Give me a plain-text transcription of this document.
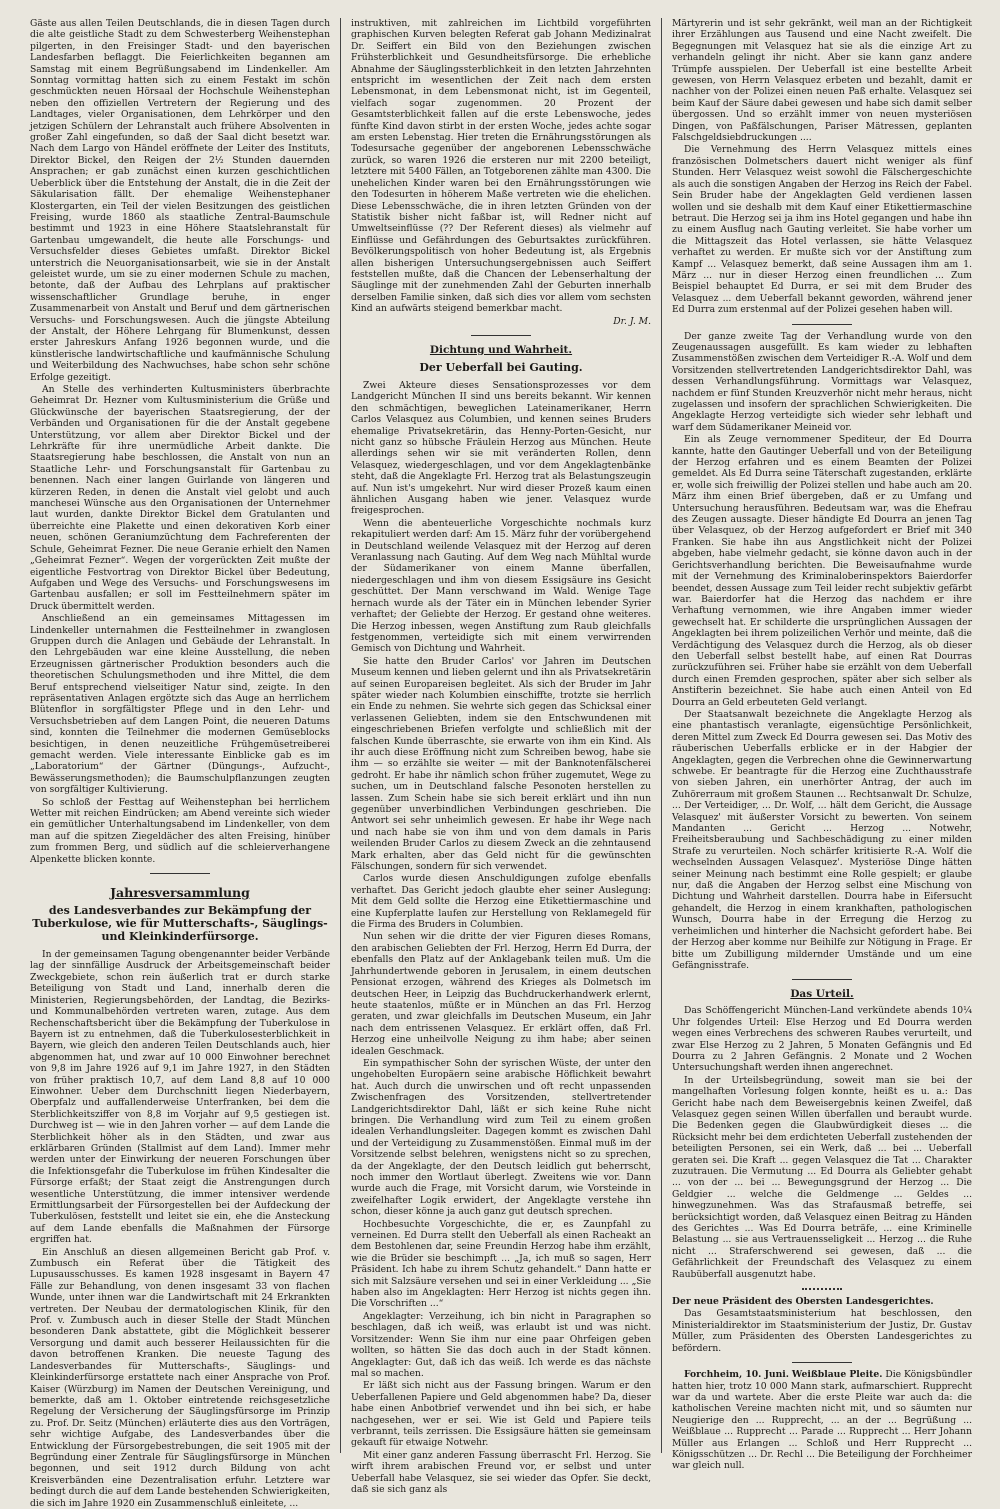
Gäste aus allen Teilen Deutschlands, die in diesen Tagen durch die alte geistliche Stadt zu dem Schwesterberg Weihenstephan pilgerten, in den Freisinger Stadt- und den bayerischen Landesfarben beflaggt. Die Feierlichkeiten begannen am Samstag mit einem Begrüßungsabend im Lindenkeller. Am Sonntag vormittag hatten sich zu einem Festakt im schön geschmückten neuen Hörsaal der Hochschule Weihenstephan neben den offiziellen Vertretern der Regierung und des Landtages, vieler Organisationen, dem Lehrkörper und den jetzigen Schülern der Lehranstalt auch frühere Absolventen in großer Zahl eingefunden, so daß der Saal dicht besetzt war. Nach dem Largo von Händel eröffnete der Leiter des Instituts, Direktor Bickel, den Reigen der 2½ Stunden dauernden Ansprachen; er gab zunächst einen kurzen geschichtlichen Ueberblick über die Entstehung der Anstalt, die in die Zeit der Säkularisation fällt. Der ehemalige Weihenstephaner Klostergarten, ein Teil der vielen Besitzungen des geistlichen Freising, wurde 1860 als staatliche Zentral-Baumschule bestimmt und 1923 in eine Höhere Staatslehranstalt für Gartenbau umgewandelt, die heute alle Forschungs- und Versuchsfelder dieses Gebietes umfaßt. Direktor Bickel unterstrich die Neuorganisationsarbeit, wie sie in der Anstalt geleistet wurde, um sie zu einer modernen Schule zu machen, betonte, daß der Aufbau des Lehrplans auf praktischer wissenschaftlicher Grundlage beruhe, in enger Zusammenarbeit von Anstalt und Beruf und dem gärtnerischen Versuchs- und Forschungswesen. Auch die jüngste Abteilung der Anstalt, der Höhere Lehrgang für Blumenkunst, dessen erster Jahreskurs Anfang 1926 begonnen wurde, und die künstlerische landwirtschaftliche und kaufmännische Schulung und Weiterbildung des Nachwuchses, habe schon sehr schöne Erfolge gezeitigt.

An Stelle des verhinderten Kultusministers überbrachte Geheimrat Dr. Hezner vom Kultusministerium die Grüße und Glückwünsche der bayerischen Staatsregierung, der der Verbänden und Organisationen für die der Anstalt gegebene Unterstützung, vor allem aber Direktor Bickel und der Lehrkräfte für ihre unermüdliche Arbeit dankte. Die Staatsregierung habe beschlossen, die Anstalt von nun an Staatliche Lehr- und Forschungsanstalt für Gartenbau zu benennen. Nach einer langen Guirlande von längeren und kürzeren Reden, in denen die Anstalt viel gelobt und auch manchesei Wünsche aus den Organisationen der Unternehmer laut wurden, dankte Direktor Bickel dem Gratulanten und überreichte eine Plakette und einen dekorativen Korb einer neuen, schönen Geraniumzüchtung dem Fachreferenten der Schule, Geheimrat Fezner. Die neue Geranie erhielt den Namen „Geheimrat Fezner“. Wegen der vorgerückten Zeit mußte der eigentliche Festvortrag von Direktor Bickel über Bedeutung, Aufgaben und Wege des Versuchs- und Forschungswesens im Gartenbau ausfallen; er soll im Festteilnehmern später im Druck übermittelt werden.

Anschließend an ein gemeinsames Mittagessen im Lindenkeller unternahmen die Festteilnehmer in zwanglosen Gruppen durch die Anlagen und Gebäude der Lehranstalt. In den Lehrgebäuden war eine kleine Ausstellung, die neben Erzeugnissen gärtnerischer Produktion besonders auch die theoretischen Schulungsmethoden und ihre Mittel, die dem Beruf entsprechend vielseitiger Natur sind, zeigte. In den repräsentativen Anlagen ergötzte sich das Auge an herrlichem Blütenflor in sorgfältigster Pflege und in den Lehr- und Versuchsbetrieben auf dem Langen Point, die neueren Datums sind, konnten die Teilnehmer die modernen Gemüseblocks besichtigen, in denen neuzeitliche Frühgemüsetreiberei gemacht werden. Viele interessante Einblicke gab es im „Laboratorium“ der Gärtner (Düngungs-, Aufzucht-, Bewässerungsmethoden); die Baumschulpflanzungen zeugten von sorgfältiger Kultivierung.

So schloß der Festtag auf Weihenstephan bei herrlichem Wetter mit reichen Eindrücken; am Abend vereinte sich wieder ein gemütlicher Unterhaltungsabend im Lindenkeller, von dem man auf die spitzen Ziegeldächer des alten Freising, hinüber zum frommen Berg, und südlich auf die schleierverhangene Alpenkette blicken konnte.

Jahresversammlung
des Landesverbandes zur Bekämpfung der Tuberkulose, wie für Mutterschafts-, Säuglings- und Kleinkinderfürsorge.

In der gemeinsamen Tagung obengenannter beider Verbände lag der sinnfällige Ausdruck der Arbeitsgemeinschaft beider Zweckgebiete, schon rein äußerlich trat er durch starke Beteiligung von Stadt und Land, innerhalb deren die Ministerien, Regierungsbehörden, der Landtag, die Bezirks- und Kommunalbehörden vertreten waren, zutage. Aus dem Rechenschaftsbericht über die Bekämpfung der Tuberkulose in Bayern ist zu entnehmen, daß die Tuberkulosesterblichkeit in Bayern, wie gleich den anderen Teilen Deutschlands auch, hier abgenommen hat, und zwar auf 10 000 Einwohner berechnet von 9,8 im Jahre 1926 auf 9,1 im Jahre 1927, in den Städten von früher praktisch 10,7, auf dem Land 8,8 auf 10 000 Einwohner. Ueber dem Durchschnitt liegen Niederbayern, Oberpfalz und auffallenderweise Unterfranken, bei dem die Sterblichkeitsziffer von 8,8 im Vorjahr auf 9,5 gestiegen ist. Durchweg ist — wie in den Jahren vorher — auf dem Lande die Sterblichkeit höher als in den Städten, und zwar aus erklärbaren Gründen (Stallmist auf dem Land). Immer mehr werden unter der Einwirkung der neueren Forschungen über die Infektionsgefahr die Tuberkulose im frühen Kindesalter die Fürsorge erfaßt; der Staat zeigt die Anstrengungen durch wesentliche Unterstützung, die immer intensiver werdende Ermittlungsarbeit der Fürsorgestellen bei der Aufdeckung der Tuberkulösen, feststellt und leitet sie ein, ehe die Ansteckung auf dem Lande ebenfalls die Maßnahmen der Fürsorge ergriffen hat.

Ein Anschluß an diesen allgemeinen Bericht gab Prof. v. Zumbusch ein Referat über die Tätigkeit des Lupusausschusses. Es kamen 1928 insgesamt in Bayern 47 Fälle zur Behandlung, von denen insgesamt 33 von flachen Wunde, unter ihnen war die Landwirtschaft mit 24 Erkrankten vertreten. Der Neubau der dermatologischen Klinik, für den Prof. v. Zumbusch auch in dieser Stelle der Stadt München besonderen Dank abstattete, gibt die Möglichkeit besserer Versorgung und damit auch besserer Heilaussichten für die davon betroffenen Kranken. Die neueste Tagung des Landesverbandes für Mutterschafts-, Säuglings- und Kleinkinderfürsorge erstattete nach einer Ansprache von Prof. Kaiser (Würzburg) im Namen der Deutschen Vereinigung, und bemerkte, daß am 1. Oktober eintretende reichsgesetzliche Regelung der Versicherung der Säuglingsfürsorge im Prinzip zu. Prof. Dr. Seitz (München) erläuterte dies aus den Vorträgen, sehr wichtige Aufgabe, des Landesverbandes über die Entwicklung der Fürsorgebestrebungen, die seit 1905 mit der Begründung einer Zentrale für Säuglingsfürsorge in München begonnen, und seit 1912 durch Bildung von acht Kreisverbänden eine Dezentralisation erfuhr. Letztere war bedingt durch die auf dem Lande bestehenden Schwierigkeiten, die sich im Jahre 1920 ein Zusammenschluß einleitete, ...

instruktiven, mit zahlreichen im Lichtbild vorgeführten graphischen Kurven belegten Referat gab Johann Medizinalrat Dr. Seiffert ein Bild von den Beziehungen zwischen Frühsterblichkeit und Gesundheitsfürsorge. Die erhebliche Abnahme der Säuglingssterblichkeit in den letzten Jahrzehnten entspricht im wesentlichen der Zeit nach dem ersten Lebensmonat, in dem Lebensmonat nicht, ist im Gegenteil, vielfach sogar zugenommen. 20 Prozent der Gesamtsterblichkeit fallen auf die erste Lebenswoche, jedes fünfte Kind davon stirbt in der ersten Woche, jedes achte sogar am ersten Lebenstag. Hier treten die Ernährungsstörungen als Todesursache gegenüber der angeborenen Lebensschwäche zurück, so waren 1926 die ersteren nur mit 2200 beteiligt, letztere mit 5400 Fällen, an Totgeborenen zählte man 4300. Die unehelichen Kinder waren bei den Ernährungsstörungen wie den Todesurten in höherem Maße vertreten wie die ehelichen. Diese Lebensschwäche, die in ihren letzten Gründen von der Statistik bisher nicht faßbar ist, will Redner nicht auf Umweltseinflüsse (?? Der Referent dieses) als vielmehr auf Einflüsse und Gefährdungen des Geburtsaktes zurückführen. Bevölkerungspolitisch von hoher Bedeutung ist, als Ergebnis allen bisherigen Untersuchungsergebnissen auch Seiffert feststellen mußte, daß die Chancen der Lebenserhaltung der Säuglinge mit der zunehmenden Zahl der Geburten innerhalb derselben Familie sinken, daß sich dies vor allem vom sechsten Kind an aufwärts steigend bemerkbar macht.

Dr. J. M.

Dichtung und Wahrheit.
Der Ueberfall bei Gauting.

Zwei Akteure dieses Sensationsprozesses vor dem Landgericht München II sind uns bereits bekannt. Wir kennen den schmächtigen, beweglichen Lateinamerikaner, Herrn Carlos Velasquez aus Columbien, und kennen seines Bruders ehemalige Privatsekretärin, das Henny-Porten-Gesicht, nur nicht ganz so hübsche Fräulein Herzog aus München. Heute allerdings sehen wir sie mit veränderten Rollen, denn Velasquez, wiedergeschlagen, und vor dem Angeklagtenbänke steht, daß die Angeklagte Frl. Herzog trat als Belastungszeugin auf. Nun ist's umgekehrt. Nur wird dieser Prozeß kaum einen ähnlichen Ausgang haben wie jener. Velasquez wurde freigesprochen.

Wenn die abenteuerliche Vorgeschichte nochmals kurz rekapituliert werden darf: Am 15. März fuhr der vorübergehend in Deutschland weilende Velasquez mit der Herzog auf deren Veranlassung nach Gauting. Auf dem Weg nach Mühltal wurde der Südamerikaner von einem Manne überfallen, niedergeschlagen und ihm von diesem Essigsäure ins Gesicht geschüttet. Der Mann verschwand im Wald. Wenige Tage hernach wurde als der Täter ein in München lebender Syrier verhaftet; der Geliebte der Herzog. Er gestand ohne weiteres. Die Herzog inbessen, wegen Anstiftung zum Raub gleichfalls festgenommen, verteidigte sich mit einem verwirrenden Gemisch von Dichtung und Wahrheit.

Sie hatte den Bruder Carlos' vor Jahren im Deutschen Museum kennen und lieben gelernt und ihn als Privatsekretärin auf seinen Europareisen begleitet. Als sich der Bruder im Jahr später wieder nach Kolumbien einschiffte, trotzte sie herrlich ein Ende zu nehmen. Sie wehrte sich gegen das Schicksal einer verlassenen Geliebten, indem sie den Entschwundenen mit eingeschriebenen Briefen verfolgte und schließlich mit der falschen Kunde überraschte, sie erwarte von ihm ein Kind. Als ihr auch diese Eröffnung nicht zum Schreiben bewog, habe sie ihm — so erzählte sie weiter — mit der Banknotenfälscherei gedroht. Er habe ihr nämlich schon früher zugemutet, Wege zu suchen, um in Deutschland falsche Pesonoten herstellen zu lassen. Zum Schein habe sie sich bereit erklärt und ihn nun gegenüber unverbindlichen Verbindungen geschrieben. Die Antwort sei sehr unheimlich gewesen. Er habe ihr Wege nach und nach habe sie von ihm und von dem damals in Paris weilenden Bruder Carlos zu diesem Zweck an die zehntausend Mark erhalten, aber das Geld nicht für die gewünschten Fälschungen, sondern für sich verwendet.

Carlos wurde diesen Anschuldigungen zufolge ebenfalls verhaftet. Das Gericht jedoch glaubte eher seiner Auslegung: Mit dem Geld sollte die Herzog eine Etikettiermaschine und eine Kupferplatte laufen zur Herstellung von Reklamegeld für die Firma des Bruders in Columbien.

Nun sehen wir die dritte der vier Figuren dieses Romans, den arabischen Geliebten der Frl. Herzog, Herrn Ed Durra, der ebenfalls den Platz auf der Anklagebank teilen muß. Um die Jahrhundertwende geboren in Jerusalem, in einem deutschen Pensionat erzogen, während des Krieges als Dolmetsch im deutschen Heer, in Leipzig das Buchdruckerhandwerk erlernt, heute staatenlos, müßte er in München an das Frl. Herzog geraten, und zwar gleichfalls im Deutschen Museum, ein Jahr nach dem entrissenen Velasquez. Er erklärt offen, daß Frl. Herzog eine unheilvolle Neigung zu ihm habe; aber seinen idealen Geschmack.

Ein sympathischer Sohn der syrischen Wüste, der unter den ungehobelten Europäern seine arabische Höflichkeit bewahrt hat. Auch durch die unwirschen und oft recht unpassenden Zwischenfragen des Vorsitzenden, stellvertretender Landgerichtsdirektor Dahl, läßt er sich keine Ruhe nicht bringen. Die Verhandlung wird zum Teil zu einem großen idealen Verhandlungsleiter. Dagegen kommt es zwischen Dahl und der Verteidigung zu Zusammenstößen. Einmal muß im der Vorsitzende selbst belehren, wenigstens nicht so zu sprechen, da der Angeklagte, der den Deutsch leidlich gut beherrscht, noch immer den Wortlaut überlegt. Zweitens wie vor. Dann wurde auch die Frage, mit Vorsicht darum, wie Vorsteinde in zweifelhafter Logik erwidert, der Angeklagte verstehe ihn schon, dieser könne ja auch ganz gut deutsch sprechen.

Hochbesuchte Vorgeschichte, die er, es Zaunpfahl zu verneinen. Ed Durra stellt den Ueberfall als einen Racheakt an dem Bestohlenen dar, seine Freundin Herzog habe ihm erzählt, wie die Brüder sie beschimpft ... „Ja, ich muß so sagen, Herr Präsident. Ich habe zu ihrem Schutz gehandelt.“ Dann hatte er sich mit Salzsäure versehen und sei in einer Verkleidung ... „Sie haben also im Angeklagten: Herr Herzog ist nichts gegen ihn. Die Vorschriften ...“

Angeklagter: Verzeihung, ich bin nicht in Paragraphen so beschlagen, daß ich weiß, was erlaubt ist und was nicht. Vorsitzender: Wenn Sie ihm nur eine paar Ohrfeigen geben wollten, so hätten Sie das doch auch in der Stadt können. Angeklagter: Gut, daß ich das weiß. Ich werde es das nächste mal so machen.

Er läßt sich nicht aus der Fassung bringen. Warum er den Ueberfallenen Papiere und Geld abgenommen habe? Da, dieser habe einen Anbotbrief verwendet und ihn bei sich, er habe nachgesehen, wer er sei. Wie ist Geld und Papiere teils verbrannt, teils zerrissen. Die Essigsäure hätten sie gemeinsam gekauft für etwaige Notwehr.

Mit einer ganz anderen Fassung überrascht Frl. Herzog. Sie wirft ihrem arabischen Freund vor, er selbst und unter Ueberfall habe Velasquez, sie sei wieder das Opfer. Sie deckt, daß sie sich ganz als

Märtyrerin und ist sehr gekränkt, weil man an der Richtigkeit ihrer Erzählungen aus Tausend und eine Nacht zweifelt. Die Begegnungen mit Velasquez hat sie als die einzige Art zu verhandeln gelingt ihr nicht. Aber sie kann ganz andere Trümpfe ausspielen. Der Ueberfall ist eine bestellte Arbeit gewesen, von Herrn Velasquez erbeten und bezahlt, damit er nachher von der Polizei einen neuen Paß erhalte. Velasquez sei beim Kauf der Säure dabei gewesen und habe sich damit selber übergossen. Und so erzählt immer von neuen mysteriösen Dingen, von Paßfälschungen, Pariser Mätressen, geplanten Falschgeldsiebdruckungen ....

Die Vernehmung des Herrn Velasquez mittels eines französischen Dolmetschers dauert nicht weniger als fünf Stunden. Herr Velasquez weist sowohl die Fälschergeschichte als auch die sonstigen Angaben der Herzog ins Reich der Fabel. Sein Bruder habe der Angeklagten Geld verdienen lassen wollen und sie deshalb mit dem Kauf einer Etikettiermaschine betraut. Die Herzog sei ja ihm ins Hotel gegangen und habe ihn zu einem Ausflug nach Gauting verleitet. Sie habe vorher um die Mittagszeit das Hotel verlassen, sie hätte Velasquez verhaftet zu werden. Er mußte sich vor der Anstiftung zum Kampf ... Velasquez bemerkt, daß seine Aussagen ihm am 1. März ... nur in dieser Herzog einen freundlichen ... Zum Beispiel behauptet Ed Durra, er sei mit dem Bruder des Velasquez ... dem Ueberfall bekannt geworden, während jener Ed Durra zum erstenmal auf der Polizei gesehen haben will.

Der ganze zweite Tag der Verhandlung wurde von den Zeugenaussagen ausgefüllt. Es kam wieder zu lebhaften Zusammenstößen zwischen dem Verteidiger R.-A. Wolf und dem Vorsitzenden stellvertretenden Landgerichtsdirektor Dahl, was dessen Verhandlungsführung. Vormittags war Velasquez, nachdem er fünf Stunden Kreuzverhör nicht mehr heraus, nicht zugelassen und insofern der sprachlichen Schwierigkeiten. Die Angeklagte Herzog verteidigte sich wieder sehr lebhaft und warf dem Südamerikaner Meineid vor.

Ein als Zeuge vernommener Spediteur, der Ed Dourra kannte, hatte den Gautinger Ueberfall und von der Beteiligung der Herzog erfahren und es einem Beamten der Polizei gemeldet. Als Ed Durra seine Täterschaft zugestanden, erklärte er, wolle sich freiwillig der Polizei stellen und habe auch am 20. März ihm einen Brief übergeben, daß er zu Umfang und Untersuchung herausführen. Bedeutsam war, was die Ehefrau des Zeugen aussagte. Dieser händigte Ed Dourra an jenen Tag über Velasquez, ob der Herzog aufgefordert er Brief mit 340 Franken. Sie habe ihn aus Angstlichkeit nicht der Polizei abgeben, habe vielmehr gedacht, sie könne davon auch in der Gerichtsverhandlung berichten. Die Beweisaufnahme wurde mit der Vernehmung des Kriminaloberinspektors Baierdorfer beendet, dessen Aussage zum Teil leider recht subjektiv gefärbt war. Baierdorfer hat die Herzog das nachdem er ihre Verhaftung vernommen, wie ihre Angaben immer wieder gewechselt hat. Er schilderte die ursprünglichen Aussagen der Angeklagten bei ihrem polizeilichen Verhör und meinte, daß die Verdächtigung des Velasquez durch die Herzog, als ob dieser den Ueberfall selbst bestellt habe, auf einen Rat Dourras zurückzuführen sei. Früher habe sie erzählt von dem Ueberfall durch einen Fremden gesprochen, später aber sich selber als Anstifterin bezeichnet. Sie habe auch einen Anteil von Ed Dourra an Geld erbeuteten Geld verlangt.

Der Staatsanwalt bezeichnete die Angeklagte Herzog als eine phantastisch veranlagte, eigensüchtige Persönlichkeit, deren Mittel zum Zweck Ed Dourra gewesen sei. Das Motiv des räuberischen Ueberfalls erblicke er in der Habgier der Angeklagten, gegen die Verbrechen ohne die Gewinnerwartung schwebe. Er beantragte für die Herzog eine Zuchthausstrafe von sieben Jahren, ein unerhörter Antrag, der auch im Zuhörerraum mit großem Staunen ... Rechtsanwalt Dr. Schulze, ... Der Verteidiger, ... Dr. Wolf, ... hält dem Gericht, die Aussage Velasquez' mit äußerster Vorsicht zu bewerten. Von seinem Mandanten ... Gericht ... Herzog ... Notwehr, Freiheitsberaubung und Sachbeschädigung zu einer milden Strafe zu verurteilen. Noch schärfer kritisierte R.-A. Wolf die wechselnden Aussagen Velasquez'. Mysteriöse Dinge hätten seiner Meinung nach bestimmt eine Rolle gespielt; er glaube nur, daß die Angaben der Herzog selbst eine Mischung von Dichtung und Wahrheit darstellen. Dourra habe in Eifersucht gehandelt, die Herzog in einem krankhaften, pathologischen Wunsch, Dourra habe in der Erregung die Herzog zu verheimlichen und hinterher die Nachsicht gefordert habe. Bei der Herzog aber komme nur Beihilfe zur Nötigung in Frage. Er bitte um Zubilligung mildernder Umstände und um eine Gefängnisstrafe.

Das Urteil.

Das Schöffengericht München-Land verkündete abends 10¼ Uhr folgendes Urteil: Else Herzog und Ed Dourra werden wegen eines Verbrechens des schweren Raubes verurteilt, und zwar Else Herzog zu 2 Jahren, 5 Monaten Gefängnis und Ed Dourra zu 2 Jahren Gefängnis. 2 Monate und 2 Wochen Untersuchungshaft werden ihnen angerechnet.

In der Urteilsbegründung, soweit man sie bei der mangelhaften Vorlesung folgen konnte, heißt es u. a.: Das Gericht habe nach dem Beweisergebnis keinen Zweifel, daß Velasquez gegen seinen Willen überfallen und beraubt wurde. Die Bedenken gegen die Glaubwürdigkeit dieses ... die Rücksicht mehr bei dem erdichteten Ueberfall zustehenden der beteiligten Personen, sei ein Werk, daß ... bei ... Ueberfall geraten sei. Die Kraft ... gegen Velasquez die Tat ... Charakter zuzutrauen. Die Vermutung ... Ed Dourra als Geliebter gehabt ... von der ... bei ... Bewegungsgrund der Herzog ... Die Geldgier ... welche die Geldmenge ... Geldes ... hinwegzunehmen. Was das Strafausmaß betreffe, sei berücksichtigt worden, daß Velasquez einen Beitrag zu Händen des Gerichtes ... Was Ed Dourra beträfe, ... eine Kriminelle Belastung ... sie aus Vertrauensseligkeit ... Herzog ... die Ruhe nicht ... Straferschwerend sei gewesen, daß ... die Gefährlichkeit der Freundschaft des Velasquez zu einem Raubüberfall ausgenutzt habe.

Der neue Präsident des Obersten Landesgerichtes.

Das Gesamtstaatsministerium hat beschlossen, den Ministerialdirektor im Staatsministerium der Justiz, Dr. Gustav Müller, zum Präsidenten des Obersten Landesgerichtes zu befördern.

Forchheim, 10. Juni. Weißblaue Pleite. Die Königsbündler hatten hier, trotz 10 000 Mann stark, aufmarschiert. Rupprecht war da und wartete. Aber die erste Pleite war auch da: die katholischen Vereine machten nicht mit, und so säumten nur Neugierige den ... Rupprecht, ... an der ... Begrüßung ... Weißblaue ... Rupprecht ... Parade ... Rupprecht ... Herr Johann Müller aus Erlangen ... Schloß und Herr Rupprecht ... Königsschützen ... Dr. Rechl ... Die Beteiligung der Forchheimer war gleich null.
